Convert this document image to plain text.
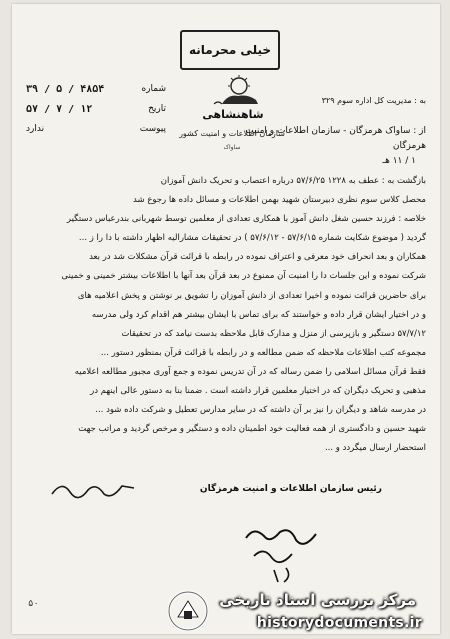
خیلی محرمانه
شاهنشاهی
سازمان اطلاعات و امنیت کشور
ساواک
شماره
۴۸۵۴ / ۵ / ۳۹
تاریخ
۱۲ / ۷ / ۵۷
پیوست
ندارد
به : مدیریت کل اداره سوم ۳۲۹
از : ساواک هرمزگان - سازمان اطلاعات و امنیت
هرمزگان
۱ / ۱۱ هـ

بازگشت به : عطف به ۱۲۲۸ ۵۷/۶/۲۵ درباره اعتصاب و تحریک دانش آموزان

محصل کلاس سوم نظری دبیرستان شهید بهمن اطلاعات و مسائل داده ها رجوع شد

خلاصه : فرزند حسین شغل دانش آموز با همکاری تعدادی از معلمین توسط شهربانی بندرعباس دستگیر

گردید ( موضوع شکایت شماره ۵۷/۶/۱۵ - ۵۷/۶/۱۲ ) در تحقیقات مشارالیه اظهار داشته با دا را ز ...

همکاران و بعد انحراف خود معرفی و اعتراف نموده در رابطه با قرائت قرآن مشکلات شد در بعد

شرکت نموده و این جلسات دا را امنیت آن ممنوع در بعد قرآن بعد آنها با اطلاعات بیشتر خمینی و خمینی

برای حاضرین قرائت نموده و اخیرا تعدادی از دانش آموزان را تشویق بر نوشتن و پخش اعلامیه های

و در اختیار ایشان قرار داده و خواستند که برای تماس با ایشان بیشتر هم اقدام کرد ولی مدرسه

۵۷/۷/۱۲ دستگیر و بازپرسی از منزل و مدارک قابل ملاحظه بدست نیامد که در تحقیقات

مجموعه کتب اطلاعات ملاحظه که ضمن مطالعه و در رابطه با قرائت قرآن بمنظور دستور ...

فقط قرآن مسائل اسلامی را ضمن رساله که در آن تدریس نموده و جمع آوری مجبور مطالعه اعلامیه

مذهبی و تحریک دیگران که در اختیار معلمین قرار داشته است . ضمنا بنا به دستور عالی اینهم در

در مدرسه شاهد و دیگران را نیز بر آن داشته که در سایر مدارس تعطیل و شرکت داده شود ...

شهید حسین و دادگستری از همه فعالیت خود اطمینان داده و دستگیر و مرخص گردید و مراتب جهت

استحضار ارسال میگردد و ...

رئیس سازمان اطلاعات و امنیت هرمزگان
۵۰	مرکز بررسی اسناد تاریخی
historydocuments.ir
